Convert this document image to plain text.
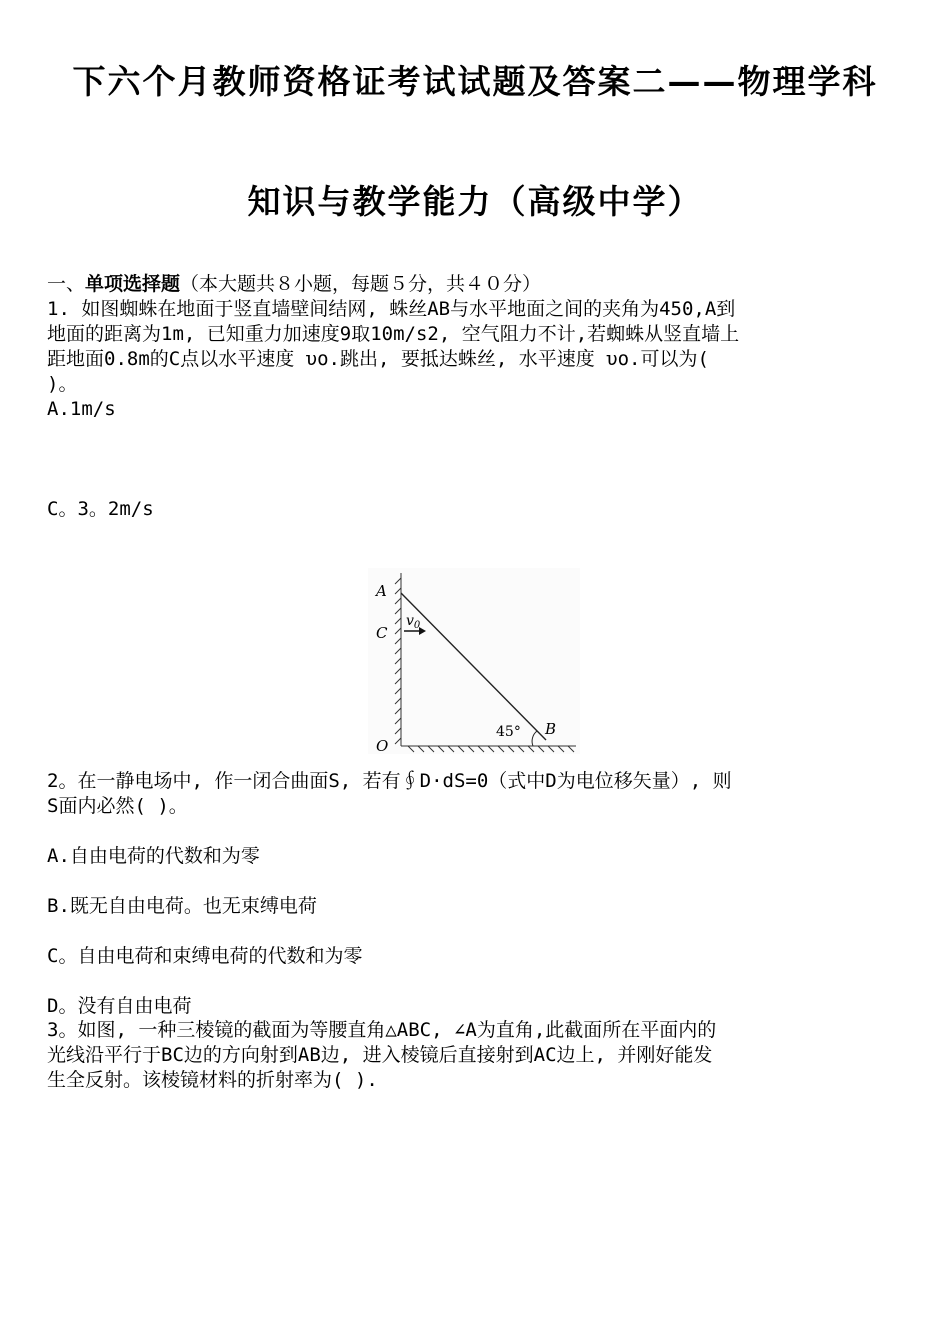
下六个月教师资格证考试试题及答案二——物理学科
知识与教学能力（高级中学）
一、单项选择题（本大题共８小题，每题５分，共４０分）
1. 如图蜘蛛在地面于竖直墙壁间结网, 蛛丝AB与水平地面之间的夹角为450,A到
地面的距离为1m, 已知重力加速度9取10m/s2, 空气阻力不计,若蜘蛛从竖直墙上
距地面0.8m的C点以水平速度 υo.跳出, 要抵达蛛丝, 水平速度 υo.可以为(
)。
A.1m/s
C。3。2m/s
A
C
O
B
$v_0$
45°
2。在一静电场中, 作一闭合曲面S, 若有∮D·dS=0（式中D为电位移矢量）, 则
S面内必然( )。
A.自由电荷的代数和为零
B.既无自由电荷。也无束缚电荷
C。自由电荷和束缚电荷的代数和为零
D。没有自由电荷
3。如图, 一种三棱镜的截面为等腰直角△ABC, ∠A为直角,此截面所在平面内的
光线沿平行于BC边的方向射到AB边, 进入棱镜后直接射到AC边上, 并刚好能发
生全反射。该棱镜材料的折射率为( ).
